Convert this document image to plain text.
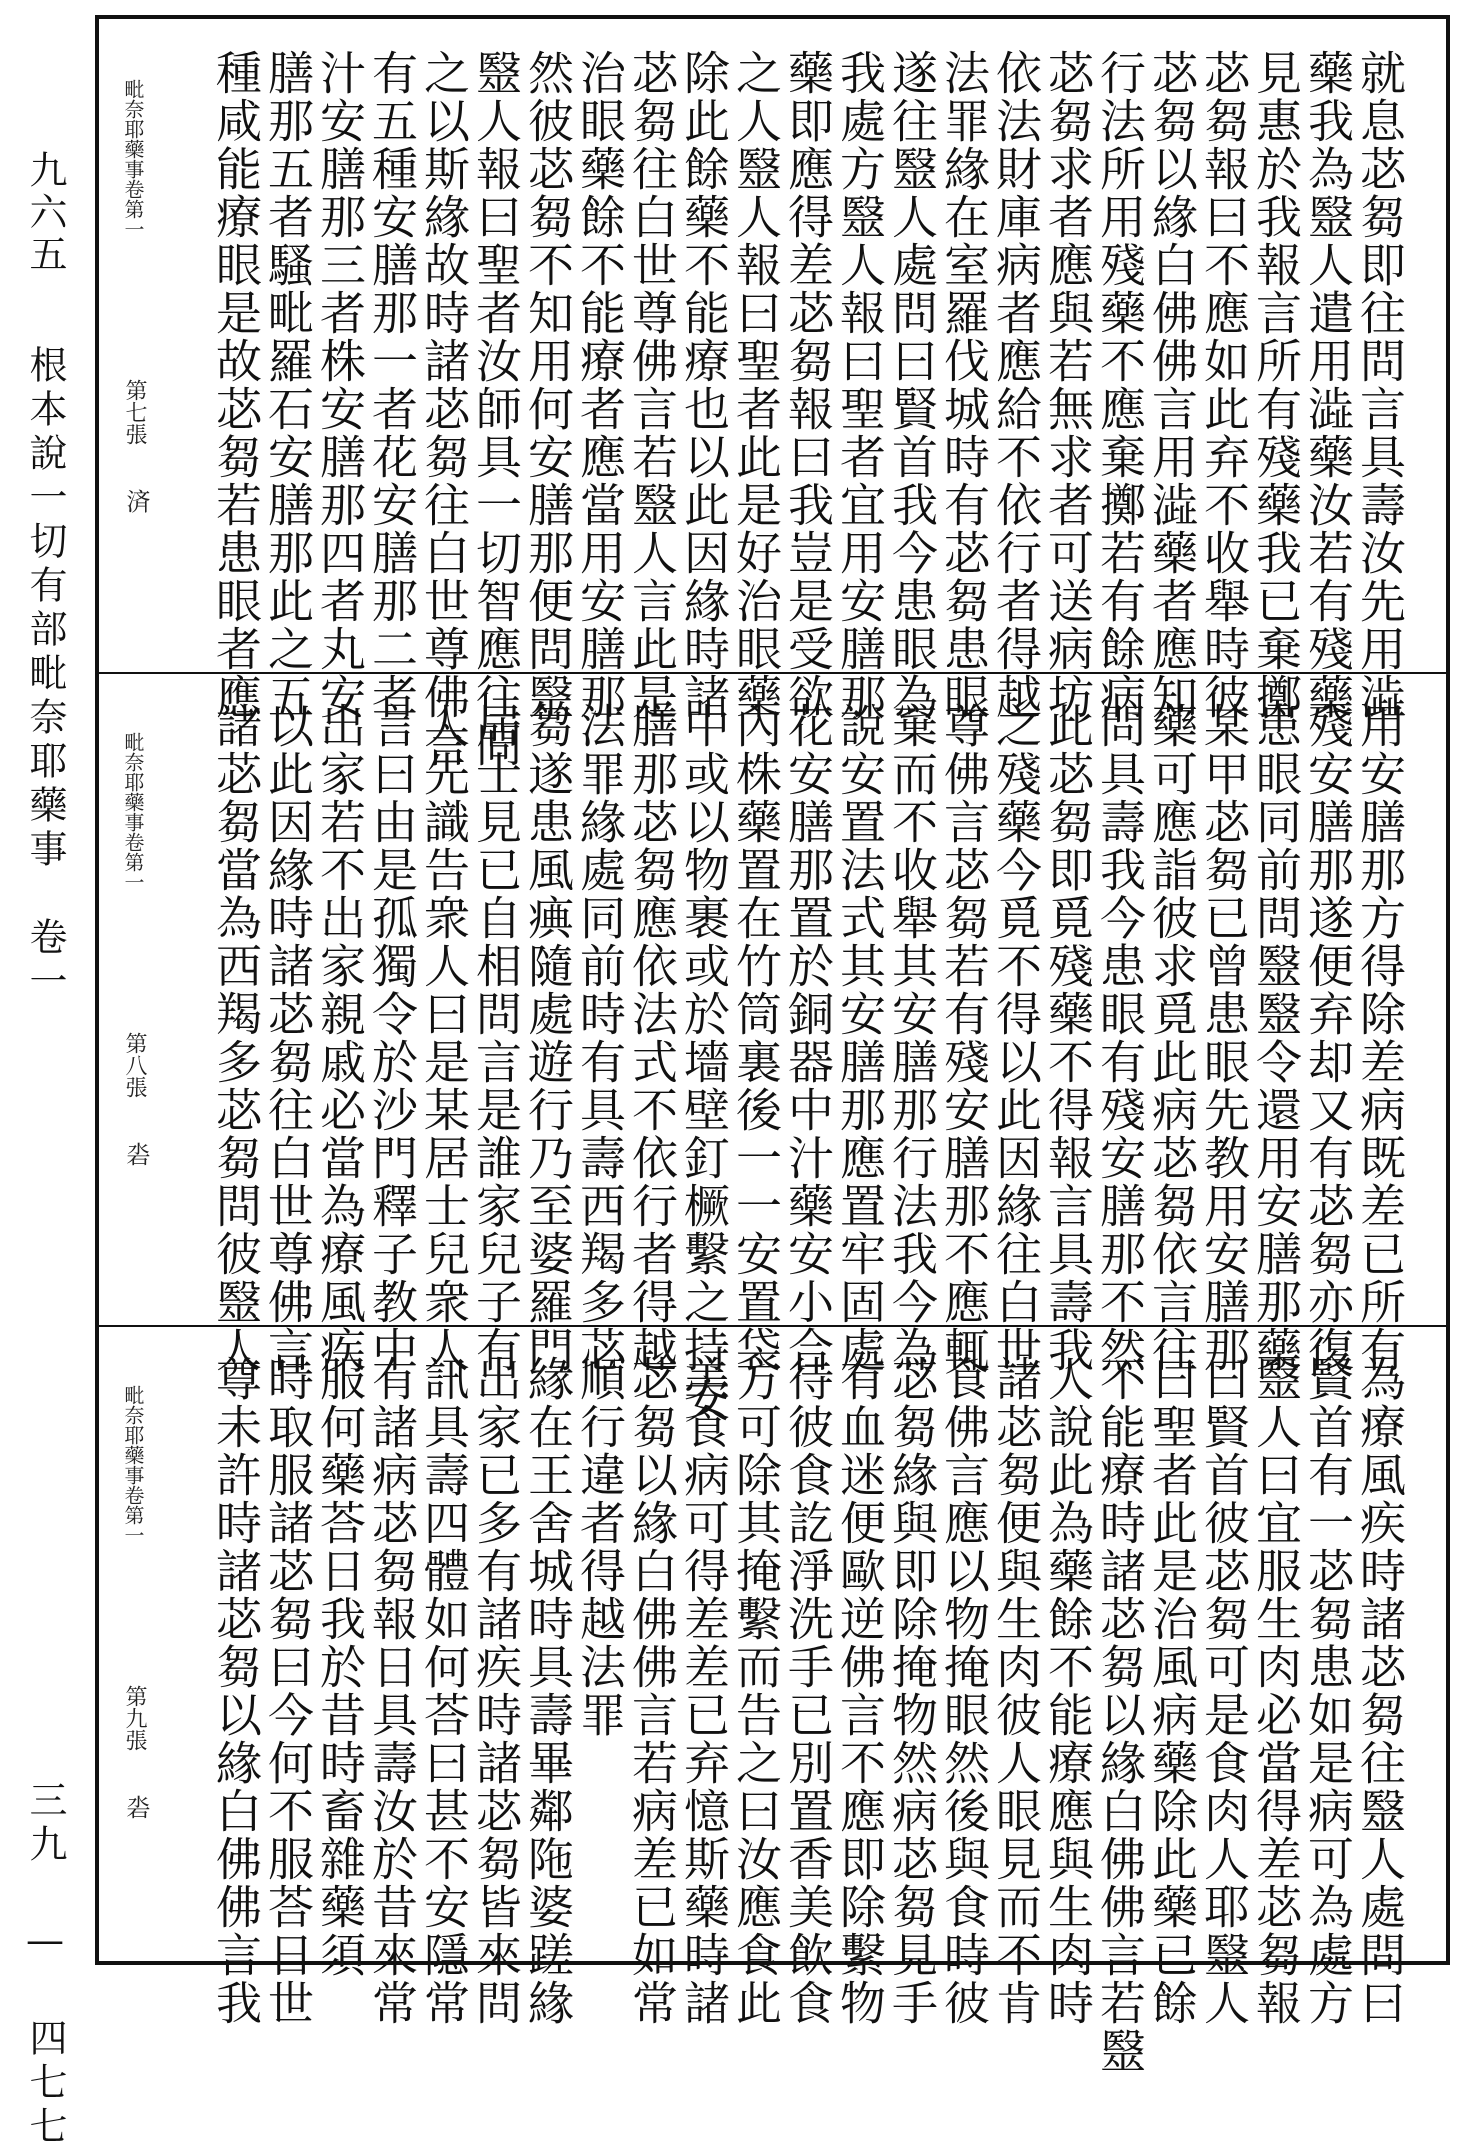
九六五
根本說一切有部毗奈耶藥事　卷一
三九 — 四七七
就息苾芻即往問言具壽汝先用澁
藥我為毉人遣用澁藥汝若有殘藥
見惠於我報言所有殘藥我已棄擲
苾芻報曰不應如此弃不收舉時彼
苾芻以緣白佛佛言用澁藥者應知
行法所用殘藥不應棄擲若有餘病
苾芻求者應與若無求者可送病坊
依法財庫病者應給不依行者得越
法罪緣在室羅伐城時有苾芻患眼
遂往毉人處問曰賢首我今患眼為
我處方毉人報曰聖者宜用安膳那
藥即應得差苾芻報曰我豈是受欲
之人毉人報曰聖者此是好治眼藥
除此餘藥不能療也以此因緣時諸
苾芻往白世尊佛言若毉人言此是
治眼藥餘不能療者應當用安膳那
然彼苾芻不知用何安膳那便問毉
毉人報曰聖者汝師具一切智應往問
之以斯緣故時諸苾芻往白世尊佛言
有五種安膳那一者花安膳那二者
汁安膳那三者株安膳那四者丸安
膳那五者騷毗羅石安膳那此之五
種咸能療眼是故苾芻若患眼者應
毗奈耶藥事卷第一
第七張
済
用安膳那方得除差病既差已所有
殘安膳那遂便弃却又有苾芻亦復
患眼同前問毉毉令還用安膳那藥
某甲苾芻已曾患眼先教用安膳那
藥可應詣彼求覓此病苾芻依言往
問具壽我今患眼有殘安膳那不然
此苾芻即覓殘藥不得報言具壽我
之殘藥今覓不得以此因緣往白世
尊佛言苾芻若有殘安膳那不應輒
棄而不收舉其安膳那行法我今為
說安置法式其安膳那應置牢固處
花安膳那置於銅器中汁藥安小合
內株藥置在竹筒裏後一一安置袋
中或以物裹或於墻壁釘橛繫之持安
膳那苾芻應依法式不依行者得越
法罪緣處同前時有具壽西羯多苾
芻遂患風痶隨處遊行乃至婆羅門
居士見已自相問言是誰家兒子有
人先識告衆人曰是某居士兒衆人
言曰由是孤獨令於沙門釋子教中
出家若不出家親戚必當為療風疾
以此因緣時諸苾芻往白世尊佛言
諸苾芻當為西羯多苾芻問彼毉人
毗奈耶藥事卷第一
第八張
沯
為療風疾時諸苾芻往毉人處問曰
賢首有一苾芻患如是病可為處方
毉人曰宜服生肉必當得差苾芻報
曰賢首彼苾芻可是食肉人耶毉人
曰聖者此是治風病藥除此藥已餘
不能療時諸苾芻以緣白佛佛言若毉
人說此為藥餘不能療應與生肉時
諸苾芻便與生肉彼人眼見而不肯
食佛言應以物掩眼然後與食時彼
苾芻緣與即除掩物然病苾芻見手
有血迷便歐逆佛言不應即除繫物
待彼食訖淨洗手已別置香美飲食
方可除其掩繫而告之曰汝應食此
美食病可得差差已弃憶斯藥時諸
苾芻以緣白佛佛言若病差已如常
順行違者得越法罪
緣在王舍城時具壽畢鄰陁婆蹉緣
出家已多有諸疾時諸苾芻皆來問
訊具壽四體如何荅曰甚不安隱常
有諸病苾芻報日具壽汝於昔來常
服何藥荅日我於昔時畜雜藥須
時取服諸苾芻曰今何不服荅日世
尊未許時諸苾芻以緣白佛佛言我
毗奈耶藥事卷第一
第九張
沯
